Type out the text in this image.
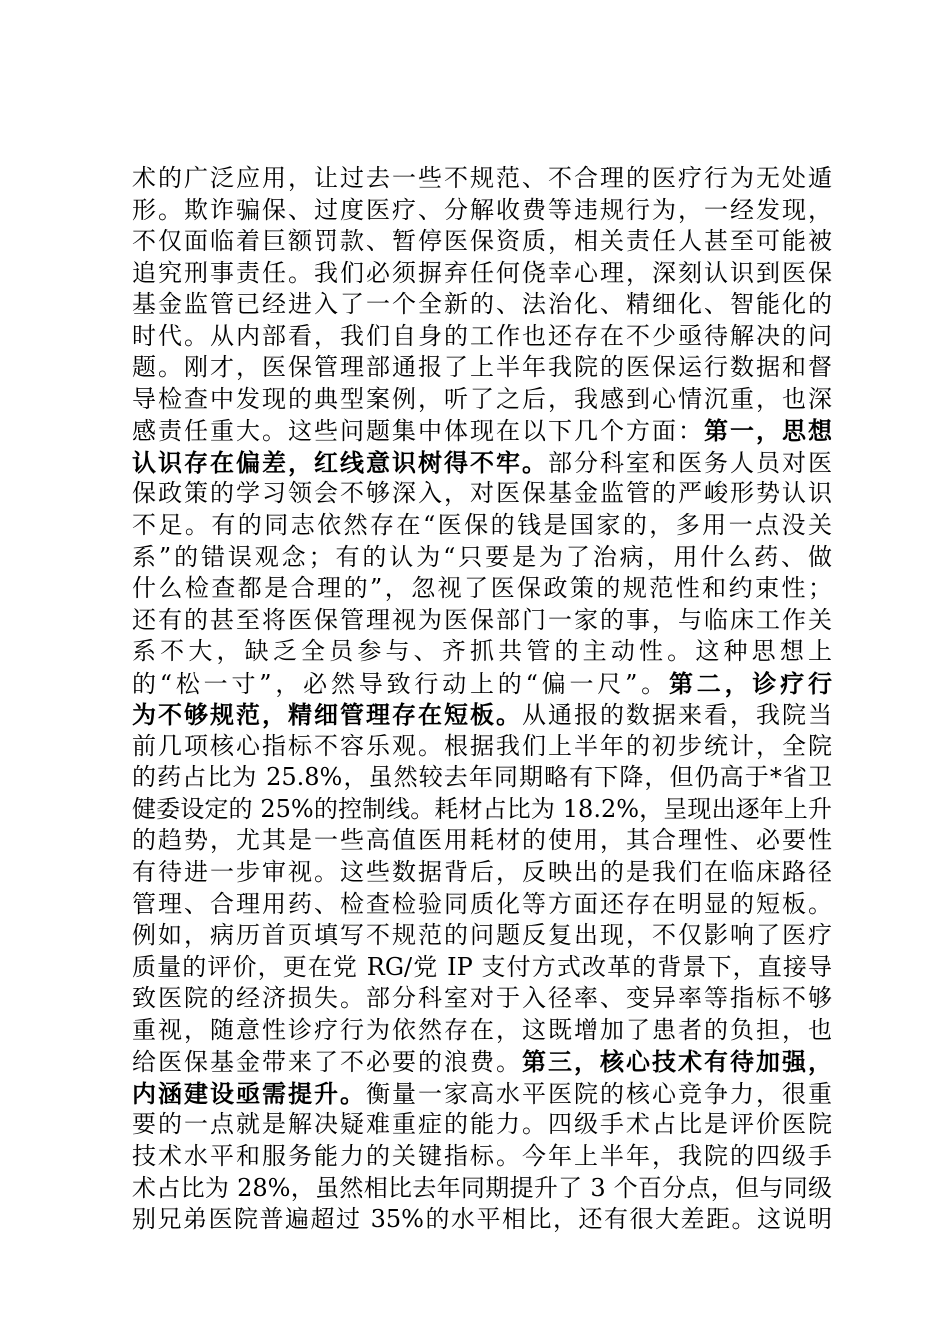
术的广泛应用，让过去一些不规范、不合理的医疗行为无处遁
形。欺诈骗保、过度医疗、分解收费等违规行为，一经发现，
不仅面临着巨额罚款、暂停医保资质，相关责任人甚至可能被
追究刑事责任。我们必须摒弃任何侥幸心理，深刻认识到医保
基金监管已经进入了一个全新的、法治化、精细化、智能化的
时代。从内部看，我们自身的工作也还存在不少亟待解决的问
题。刚才，医保管理部通报了上半年我院的医保运行数据和督
导检查中发现的典型案例，听了之后，我感到心情沉重，也深
感责任重大。这些问题集中体现在以下几个方面：第一，思想
认识存在偏差，红线意识树得不牢。部分科室和医务人员对医
保政策的学习领会不够深入，对医保基金监管的严峻形势认识
不足。有的同志依然存在“医保的钱是国家的，多用一点没关
系”的错误观念；有的认为“只要是为了治病，用什么药、做
什么检查都是合理的”，忽视了医保政策的规范性和约束性；
还有的甚至将医保管理视为医保部门一家的事，与临床工作关
系不大，缺乏全员参与、齐抓共管的主动性。这种思想上
的“松一寸”，必然导致行动上的“偏一尺”。第二，诊疗行
为不够规范，精细管理存在短板。从通报的数据来看，我院当
前几项核心指标不容乐观。根据我们上半年的初步统计，全院
的药占比为 25.8%，虽然较去年同期略有下降，但仍高于*省卫
健委设定的 25%的控制线。耗材占比为 18.2%，呈现出逐年上升
的趋势，尤其是一些高值医用耗材的使用，其合理性、必要性
有待进一步审视。这些数据背后，反映出的是我们在临床路径
管理、合理用药、检查检验同质化等方面还存在明显的短板。
例如，病历首页填写不规范的问题反复出现，不仅影响了医疗
质量的评价，更在党 RG/党 IP 支付方式改革的背景下，直接导
致医院的经济损失。部分科室对于入径率、变异率等指标不够
重视，随意性诊疗行为依然存在，这既增加了患者的负担，也
给医保基金带来了不必要的浪费。第三，核心技术有待加强，
内涵建设亟需提升。衡量一家高水平医院的核心竞争力，很重
要的一点就是解决疑难重症的能力。四级手术占比是评价医院
技术水平和服务能力的关键指标。今年上半年，我院的四级手
术占比为 28%，虽然相比去年同期提升了 3 个百分点，但与同级
别兄弟医院普遍超过 35%的水平相比，还有很大差距。这说明
